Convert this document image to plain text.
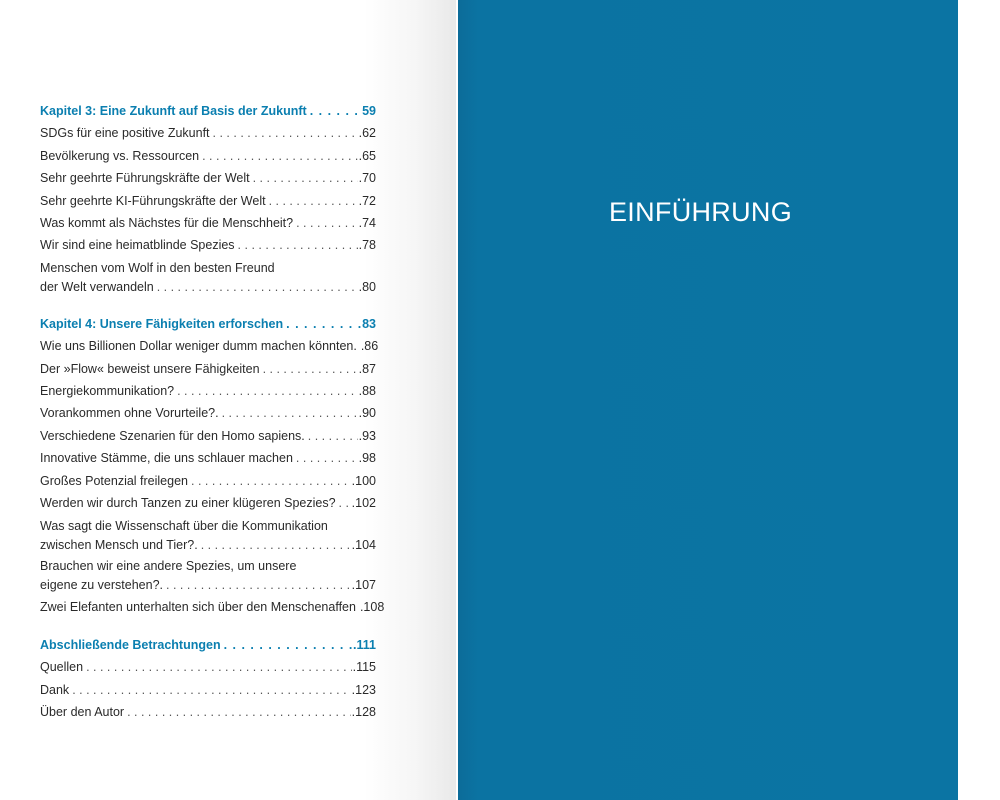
Kapitel 3: Eine Zukunft auf Basis der Zukunft . . .	59
SDGs für eine positive Zukunft . . .	.62
Bevölkerung vs. Ressourcen . . .	.65
Sehr geehrte Führungskräfte der Welt . . .	.70
Sehr geehrte KI-Führungskräfte der Welt . . .	.72
Was kommt als Nächstes für die Menschheit? . . .	.74
Wir sind eine heimatblinde Spezies . . .	.78
Menschen vom Wolf in den besten Freund
der Welt verwandeln . . .	.80
Kapitel 4: Unsere Fähigkeiten erforschen . . .	83
Wie uns Billionen Dollar weniger dumm machen könnten. .86
Der »Flow« beweist unsere Fähigkeiten . . .	.87
Energiekommunikation? . . .	.88
Vorankommen ohne Vorurteile?. . . .	.90
Verschiedene Szenarien für den Homo sapiens. . . .	.93
Innovative Stämme, die uns schlauer machen . . .	.98
Großes Potenzial freilegen . . .	.100
Werden wir durch Tanzen zu einer klügeren Spezies? . . . .102
Was sagt die Wissenschaft über die Kommunikation
zwischen Mensch und Tier?. . . .	.104
Brauchen wir eine andere Spezies, um unsere
eigene zu verstehen?. . . .	.107
Zwei Elefanten unterhalten sich über den Menschenaffen .108
Abschließende Betrachtungen . . .	.111
Quellen . . .	.115
Dank . . .	.123
Über den Autor . . .	.128
EINFÜHRUNG
